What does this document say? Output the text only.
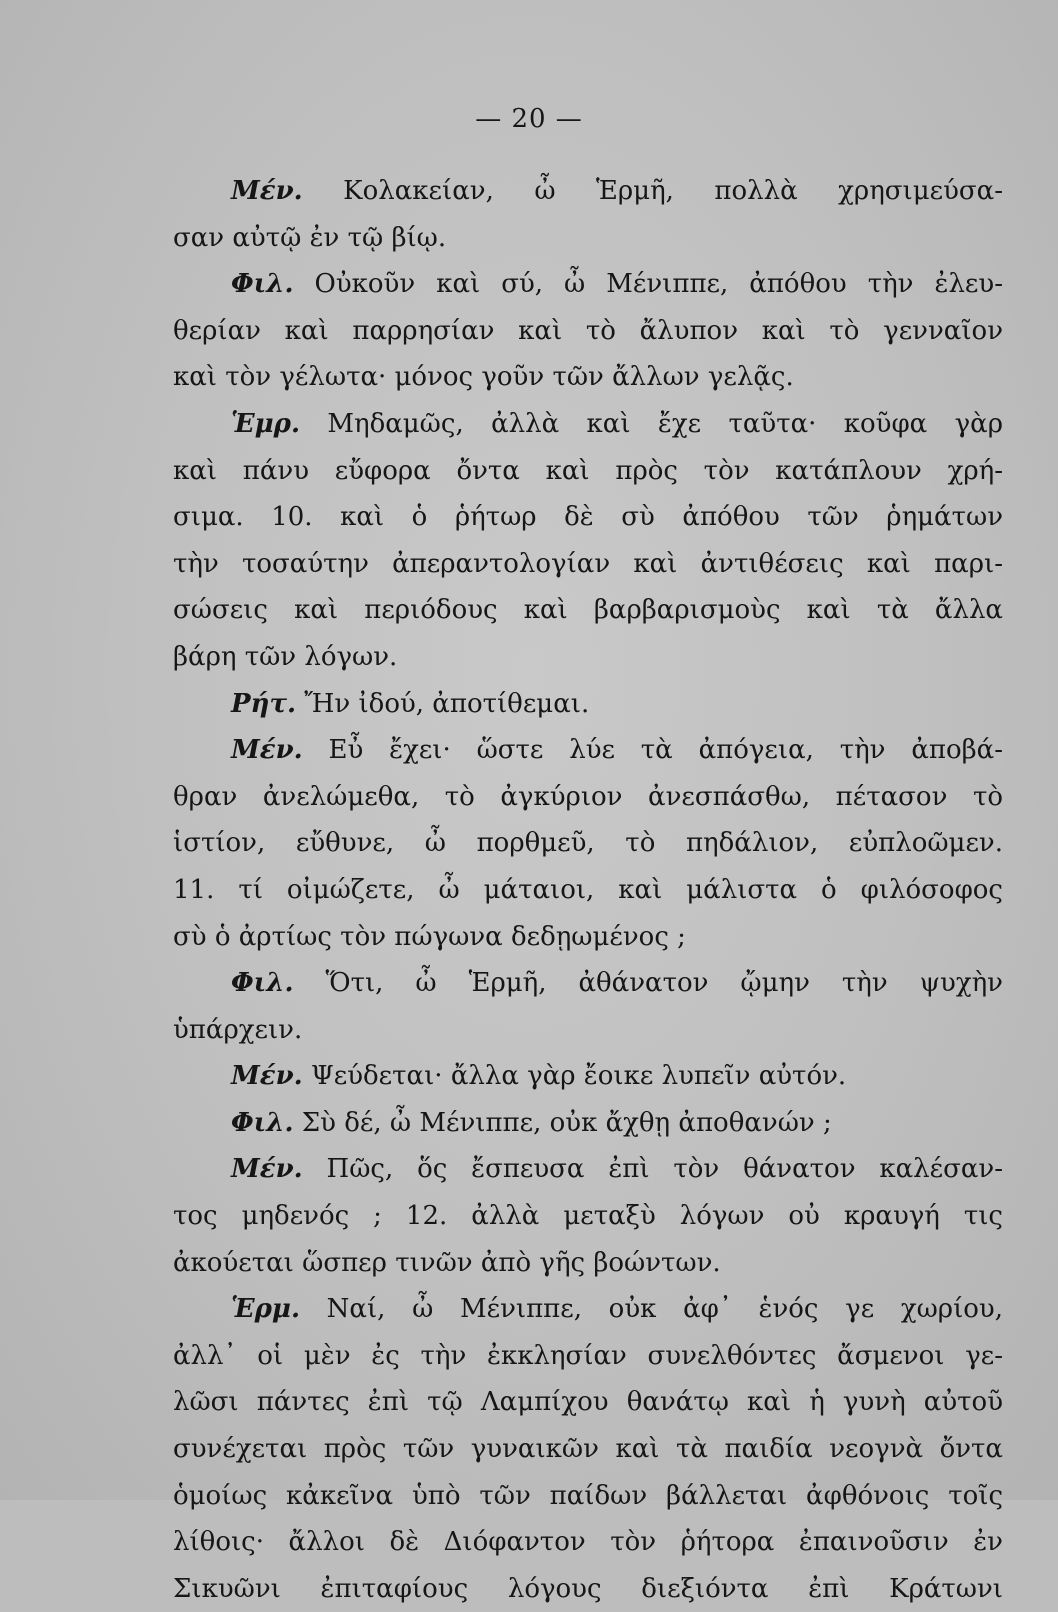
— 20 —
Μέν. Κολακείαν, ὦ Ἑρμῆ, πολλὰ χρησιμεύσα-
σαν αὐτῷ ἐν τῷ βίῳ.
Φιλ. Οὐκοῦν καὶ σύ, ὦ Μένιππε, ἀπόθου τὴν ἐλευ-
θερίαν καὶ παρρησίαν καὶ τὸ ἄλυπον καὶ τὸ γενναῖον
καὶ τὸν γέλωτα· μόνος γοῦν τῶν ἄλλων γελᾷς.
Ἑμρ. Μηδαμῶς, ἀλλὰ καὶ ἔχε ταῦτα· κοῦφα γὰρ
καὶ πάνυ εὔφορα ὄντα καὶ πρὸς τὸν κατάπλουν χρή-
σιμα. 10. καὶ ὁ ῥήτωρ δὲ σὺ ἀπόθου τῶν ῥημάτων
τὴν τοσαύτην ἀπεραντολογίαν καὶ ἀντιθέσεις καὶ παρι-
σώσεις καὶ περιόδους καὶ βαρβαρισμοὺς καὶ τὰ ἄλλα
βάρη τῶν λόγων.
Ρήτ. Ἤν ἰδού, ἀποτίθεμαι.
Μέν. Εὖ ἔχει· ὥστε λύε τὰ ἀπόγεια, τὴν ἀποβά-
θραν ἀνελώμεθα, τὸ ἀγκύριον ἀνεσπάσθω, πέτασον τὸ
ἱστίον, εὔθυνε, ὦ πορθμεῦ, τὸ πηδάλιον, εὐπλοῶμεν.
11. τί οἰμώζετε, ὦ μάταιοι, καὶ μάλιστα ὁ φιλόσοφος
σὺ ὁ ἀρτίως τὸν πώγωνα δεδῃωμένος ;
Φιλ. Ὅτι, ὦ Ἑρμῆ, ἀθάνατον ᾤμην τὴν ψυχὴν
ὑπάρχειν.
Μέν. Ψεύδεται· ἄλλα γὰρ ἔοικε λυπεῖν αὐτόν.
Φιλ. Σὺ δέ, ὦ Μένιππε, οὐκ ἄχθῃ ἀποθανών ;
Μέν. Πῶς, ὅς ἔσπευσα ἐπὶ τὸν θάνατον καλέσαν-
τος μηδενός ; 12. ἀλλὰ μεταξὺ λόγων οὐ κραυγή τις
ἀκούεται ὥσπερ τινῶν ἀπὸ γῆς βοώντων.
Ἑρμ. Ναί, ὦ Μένιππε, οὐκ ἀφ᾽ ἑνός γε χωρίου,
ἀλλ᾽ οἱ μὲν ἐς τὴν ἐκκλησίαν συνελθόντες ἄσμενοι γε-
λῶσι πάντες ἐπὶ τῷ Λαμπίχου θανάτῳ καὶ ἡ γυνὴ αὐτοῦ
συνέχεται πρὸς τῶν γυναικῶν καὶ τὰ παιδία νεογνὰ ὄντα
ὁμοίως κἀκεῖνα ὑπὸ τῶν παίδων βάλλεται ἀφθόνοις τοῖς
λίθοις· ἄλλοι δὲ Διόφαντον τὸν ῥήτορα ἐπαινοῦσιν ἐν
Σικυῶνι ἐπιταφίους λόγους διεξιόντα ἐπὶ Κράτωνι
